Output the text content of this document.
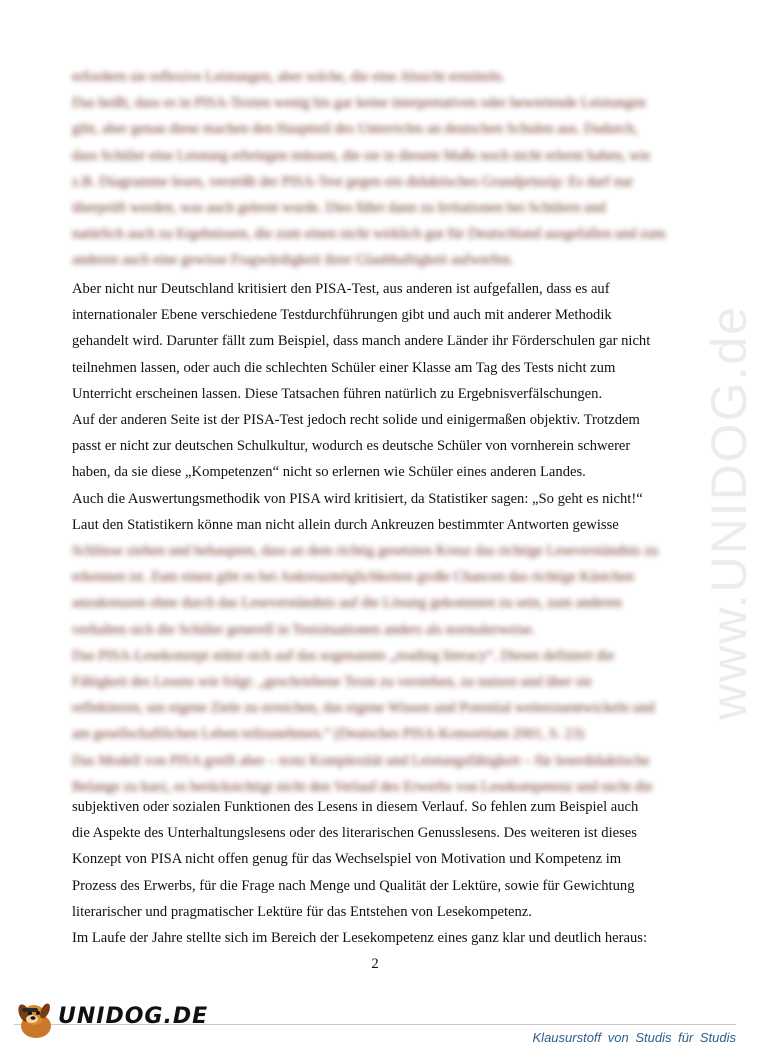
www.UNIDOG.de
erfordern sie reflexive Leistungen, aber solche, die eine Absicht ermitteln.
Das heißt, dass es in PISA-Texten wenig bis gar keine interpretativen oder bewertende Leistungen
gibt, aber genau diese machen den Hauptteil des Unterrichts an deutschen Schulen aus. Dadurch,
dass Schüler eine Leistung erbringen müssen, die sie in diesem Maße noch nicht erlernt haben, wie
z.B. Diagramme lesen, verstößt der PISA-Test gegen ein didaktisches Grundprinzip: Es darf nur
überprüft werden, was auch gelernt wurde. Dies führt dann zu Irritationen bei Schülern und
natürlich auch zu Ergebnissen, die zum einen nicht wirklich gut für Deutschland ausgefallen und zum
anderen auch eine gewisse Fragwürdigkeit ihrer Glaubhaftigkeit aufwerfen.
Aber nicht nur Deutschland kritisiert den PISA-Test, aus anderen ist aufgefallen, dass es auf
internationaler Ebene verschiedene Testdurchführungen gibt und auch mit anderer Methodik
gehandelt wird. Darunter fällt zum Beispiel, dass manch andere Länder ihr Förderschulen gar nicht
teilnehmen lassen, oder auch die schlechten Schüler einer Klasse am Tag des Tests nicht zum
Unterricht erscheinen lassen. Diese Tatsachen führen natürlich zu Ergebnisverfälschungen.
Auf der anderen Seite ist der PISA-Test jedoch recht solide und einigermaßen objektiv. Trotzdem
passt er nicht zur deutschen Schulkultur, wodurch es deutsche Schüler von vornherein schwerer
haben, da sie diese „Kompetenzen“ nicht so erlernen wie Schüler eines anderen Landes.
Auch die Auswertungsmethodik von PISA wird kritisiert, da Statistiker sagen: „So geht es nicht!“
Laut den Statistikern könne man nicht allein durch Ankreuzen bestimmter Antworten gewisse
Schlüsse ziehen und behaupten, dass an dem richtig gesetzten Kreuz das richtige Leseverständnis zu
erkennen ist. Zum einen gibt es bei Ankreuzmöglichkeiten große Chancen das richtige Kästchen
anzukreuzen ohne durch das Leseverständnis auf die Lösung gekommen zu sein, zum anderen
verhalten sich die Schüler generell in Testsituationen anders als normalerweise.
Das PISA-Lesekonzept stützt sich auf das sogenannte „reading literacy“. Dieses definiert die
Fähigkeit des Lesens wie folgt: „geschriebene Texte zu verstehen, zu nutzen und über sie
reflektieren, um eigene Ziele zu erreichen, das eigene Wissen und Potential weiterzuentwickeln und
am gesellschaftlichen Leben teilzunehmen.“ (Deutsches PISA-Konsortium 2001, S. 23)
Das Modell von PISA greift aber – trotz Komplexität und Leistungsfähigkeit – für leserdidaktische
Belange zu kurz, es berücksichtigt nicht den Verlauf des Erwerbs von Lesekompetenz und nicht die
subjektiven oder sozialen Funktionen des Lesens in diesem Verlauf. So fehlen zum Beispiel auch
die Aspekte des Unterhaltungslesens oder des literarischen Genusslesens. Des weiteren ist dieses
Konzept von PISA nicht offen genug für das Wechselspiel von Motivation und Kompetenz im
Prozess des Erwerbs, für die Frage nach Menge und Qualität der Lektüre, sowie für Gewichtung
literarischer und pragmatischer Lektüre für das Entstehen von Lesekompetenz.
Im Laufe der Jahre stellte sich im Bereich der Lesekompetenz eines ganz klar und deutlich heraus:
2
UNIDOG.DE
Klausurstoff von Studis für Studis
